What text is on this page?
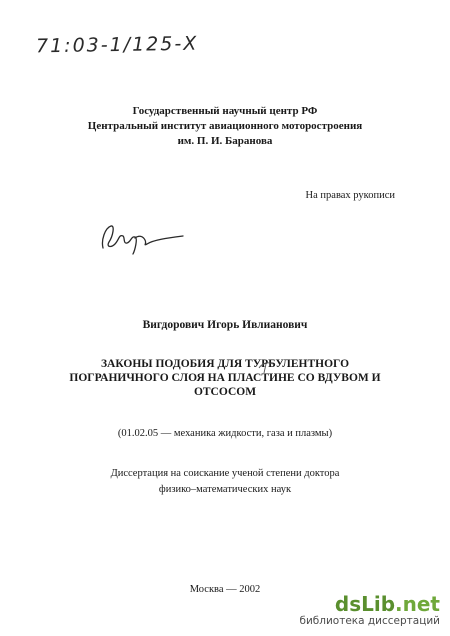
71:03-1/125-Х
Государственный научный центр РФ
Центральный институт авиационного моторостроения
им. П. И. Баранова
На правах рукописи
Вигдорович Игорь Ивлианович
ЗАКОНЫ ПОДОБИЯ ДЛЯ ТУРБУЛЕНТНОГО
ПОГРАНИЧНОГО СЛОЯ НА ПЛАСТИНЕ СО ВДУВОМ И
ОТСОСОМ
(01.02.05 — механика жидкости, газа и плазмы)
Диссертация на соискание ученой степени доктора
физико–математических наук
Москва — 2002
dsLib.net
библиотека диссертаций
